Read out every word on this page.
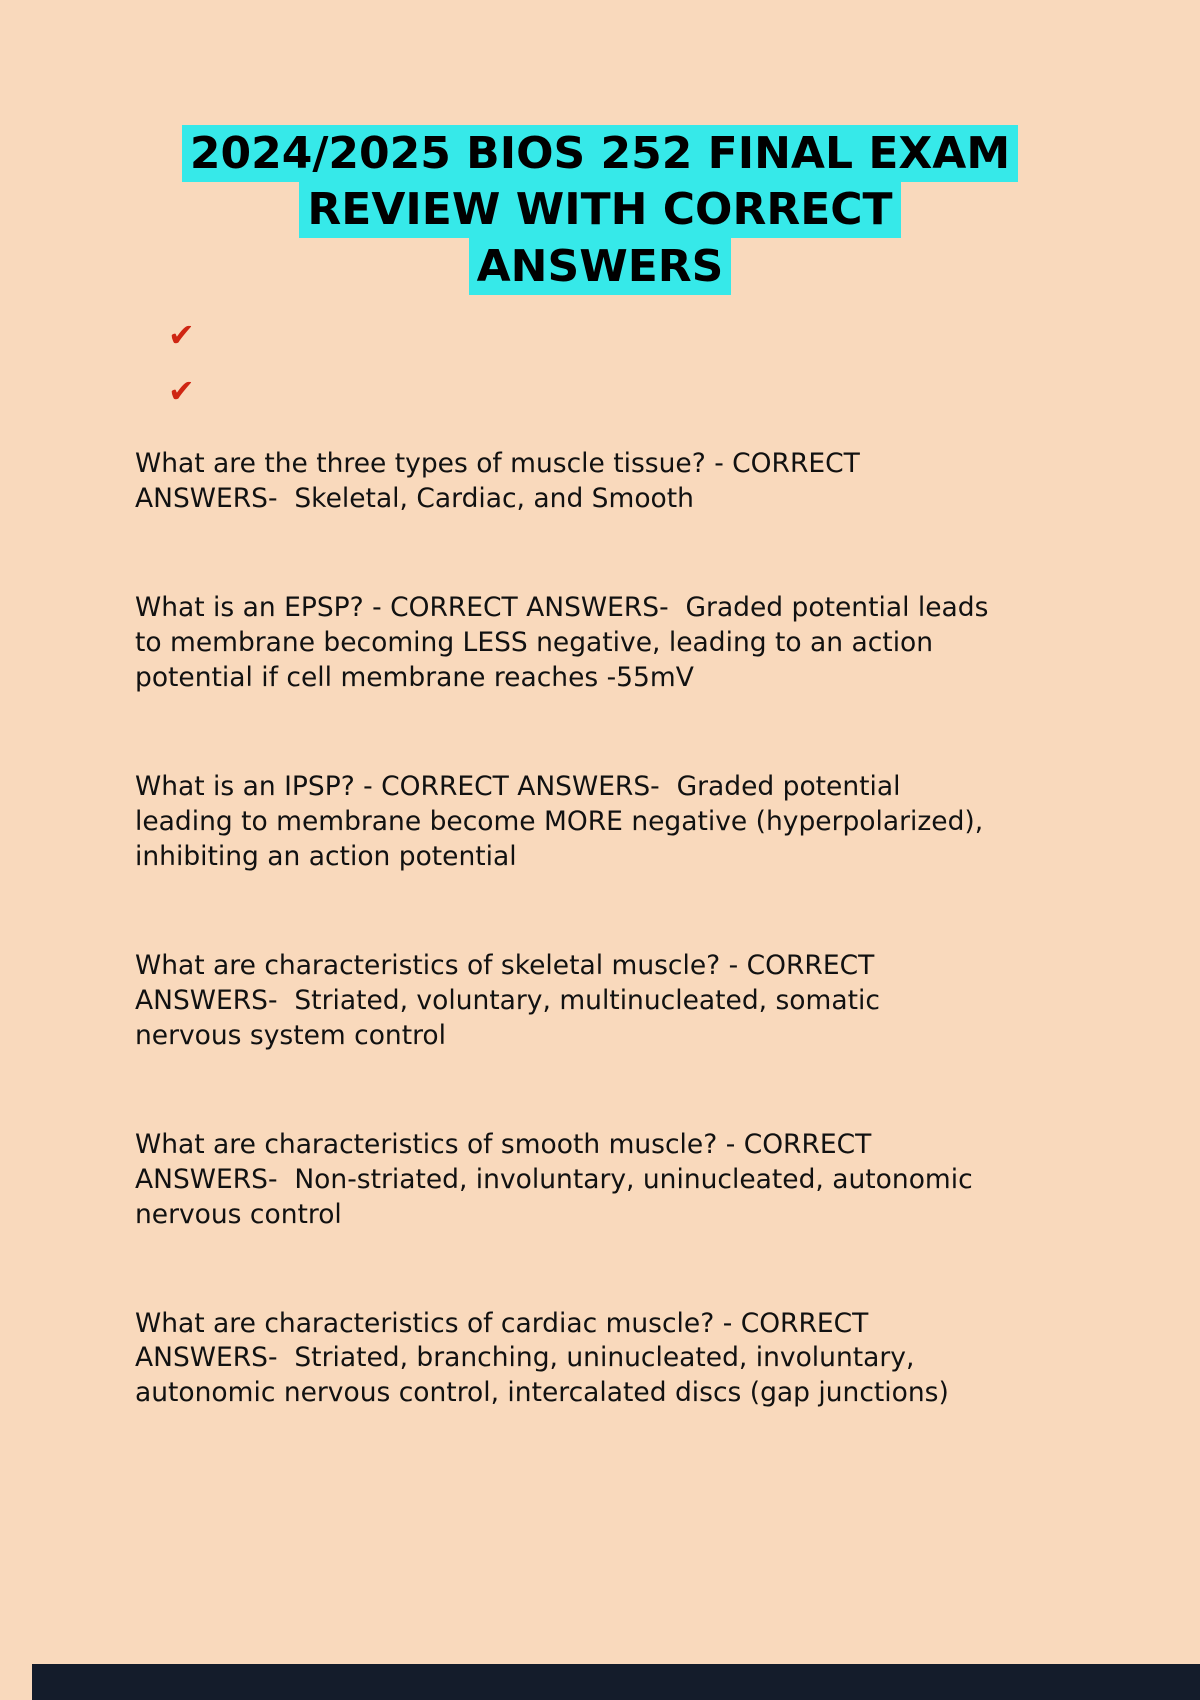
2024/2025 BIOS 252 FINAL EXAM REVIEW WITH CORRECT ANSWERS
✔
✔

What are the three types of muscle tissue? - CORRECT ANSWERS-  Skeletal, Cardiac, and Smooth

What is an EPSP? - CORRECT ANSWERS-  Graded potential leads to membrane becoming LESS negative, leading to an action potential if cell membrane reaches -55mV

What is an IPSP? - CORRECT ANSWERS-  Graded potential leading to membrane become MORE negative (hyperpolarized), inhibiting an action potential

What are characteristics of skeletal muscle? - CORRECT ANSWERS-  Striated, voluntary, multinucleated, somatic nervous system control

What are characteristics of smooth muscle? - CORRECT ANSWERS-  Non-striated, involuntary, uninucleated, autonomic nervous control

What are characteristics of cardiac muscle? - CORRECT ANSWERS-  Striated, branching, uninucleated, involuntary, autonomic nervous control, intercalated discs (gap junctions)
